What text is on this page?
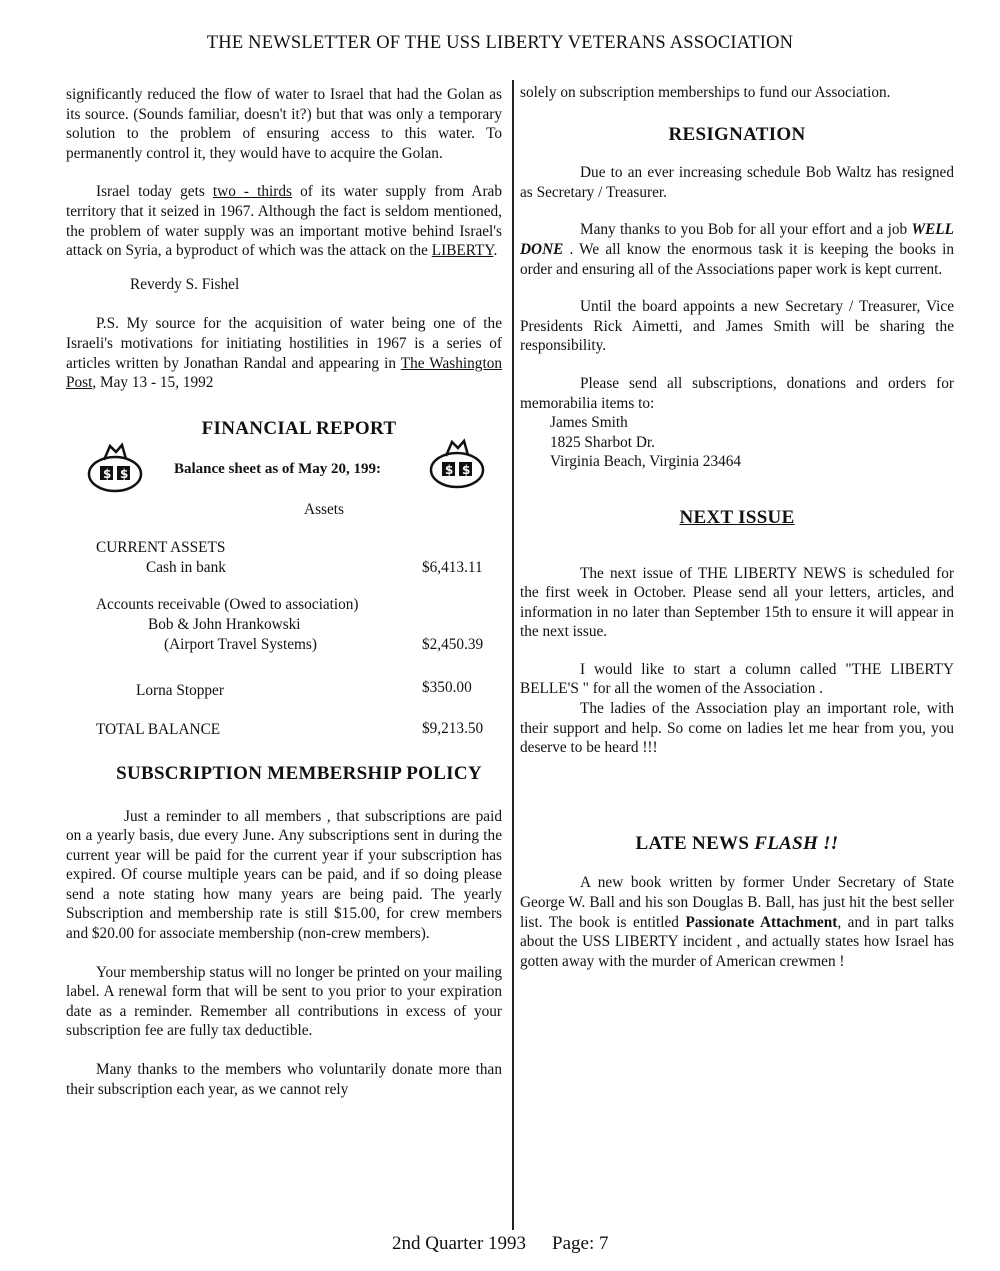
THE NEWSLETTER OF THE USS LIBERTY VETERANS ASSOCIATION

significantly reduced the flow of water to Israel that had the Golan as its source. (Sounds familiar, doesn't it?) but that was only a temporary solution to the problem of ensuring access to this water. To permanently control it, they would have to acquire the Golan.

Israel today gets two - thirds of its water supply from Arab territory that it seized in 1967. Although the fact is seldom mentioned, the problem of water supply was an important motive behind Israel's attack on Syria, a byproduct of which was the attack on the LIBERTY.

Reverdy S. Fishel

P.S. My source for the acquisition of water being one of the Israeli's motivations for initiating hostilities in 1967 is a series of articles written by Jonathan Randal and appearing in The Washington Post, May 13 - 15, 1992

FINANCIAL REPORT
$ $	Balance sheet as of May 20, 199:	$ $
Assets
CURRENT ASSETS
Cash in bank	$6,413.11
Accounts receivable (Owed to association)
Bob & John Hrankowski
(Airport Travel Systems)	$2,450.39
Lorna Stopper	$350.00
TOTAL BALANCE	$9,213.50
SUBSCRIPTION MEMBERSHIP POLICY

Just a reminder to all members , that subscriptions are paid on a yearly basis, due every June. Any subscriptions sent in during the current year will be paid for the current year if your subscription has expired. Of course multiple years can be paid, and if so doing please send a note stating how many years are being paid. The yearly Subscription and membership rate is still $15.00, for crew members and $20.00 for associate membership (non-crew members).

Your membership status will no longer be printed on your mailing label. A renewal form that will be sent to you prior to your expiration date as a reminder. Remember all contributions in excess of your subscription fee are fully tax deductible.

Many thanks to the members who voluntarily donate more than their subscription each year, as we cannot rely

solely on subscription memberships to fund our Association.

RESIGNATION

Due to an ever increasing schedule Bob Waltz has resigned as Secretary / Treasurer.

Many thanks to you Bob for all your effort and a job WELL DONE . We all know the enormous task it is keeping the books in order and ensuring all of the Associations paper work is kept current.

Until the board appoints a new Secretary / Treasurer, Vice Presidents Rick Aimetti, and James Smith will be sharing the responsibility.

Please send all subscriptions, donations and orders for memorabilia items to:

James Smith
1825 Sharbot Dr.
Virginia Beach, Virginia 23464
NEXT ISSUE

The next issue of THE LIBERTY NEWS is scheduled for the first week in October. Please send all your letters, articles, and information in no later than September 15th to ensure it will appear in the next issue.

I would like to start a column called "THE LIBERTY BELLE'S " for all the women of the Association .

The ladies of the Association play an important role, with their support and help. So come on ladies let me hear from you, you deserve to be heard !!!

LATE NEWS FLASH !!

A new book written by former Under Secretary of State George W. Ball and his son Douglas B. Ball, has just hit the best seller list. The book is entitled Passionate Attachment, and in part talks about the USS LIBERTY incident , and actually states how Israel has gotten away with the murder of American crewmen !

2nd Quarter 1993 Page: 7
